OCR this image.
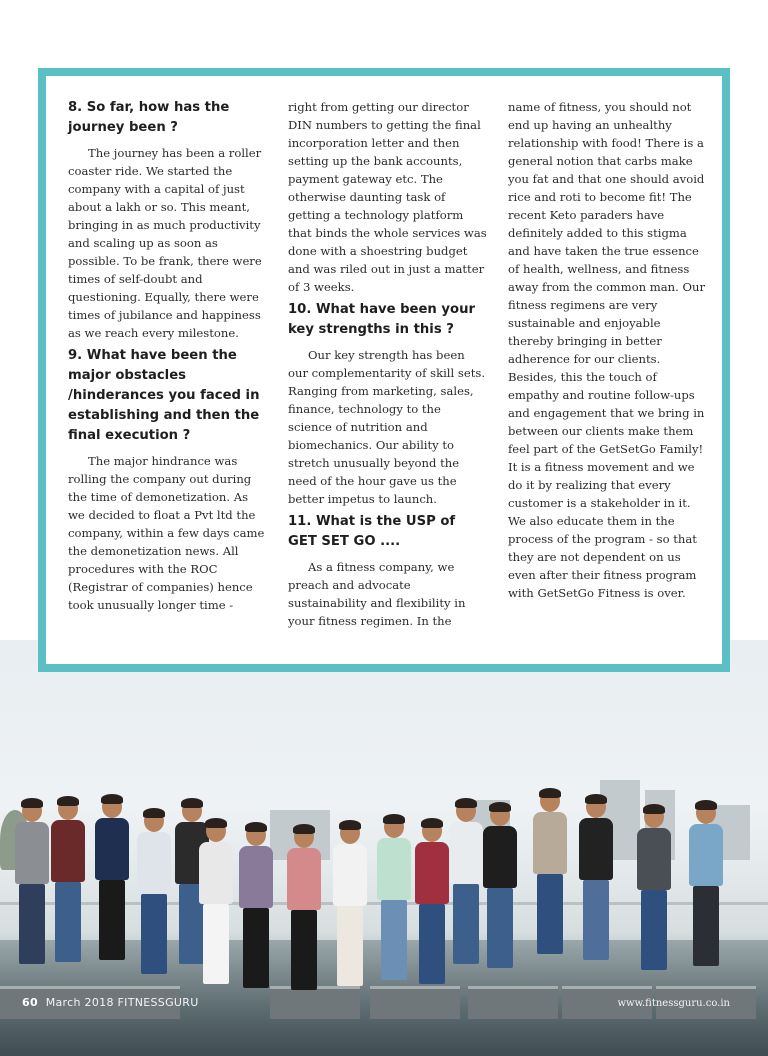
8. So far, how has the journey been ?
The journey has been a roller coaster ride. We started the company with a capital of just about a lakh or so. This meant, bringing in as much productivity and scaling up as soon as possible. To be frank, there were times of self-doubt and questioning. Equally, there were times of jubilance and happiness as we reach every milestone.
9. What have been the major obstacles /hinderances you faced in establishing and then the final execution ?
The major hindrance was rolling the company out during the time of demonetization. As we decided to float a Pvt ltd the company, within a few days came the demonetization news. All procedures with the ROC (Registrar of companies) hence took unusually longer time -
right from getting our director DIN numbers to getting the final incorporation letter and then setting up the bank accounts, payment gateway etc. The otherwise daunting task of getting a technology platform that binds the whole services was done with a shoestring budget and was riled out in just a matter of 3 weeks.
10. What have been your key strengths in this ?
Our key strength has been our complementarity of skill sets. Ranging from marketing, sales, finance, technology to the science of nutrition and biomechanics. Our ability to stretch unusually beyond the need of the hour gave us the better impetus to launch.
11. What is the USP of GET SET GO ....
As a fitness company, we preach and advocate sustainability and flexibility in your fitness regimen. In the
name of fitness, you should not end up having an unhealthy relationship with food! There is a general notion that carbs make you fat and that one should avoid rice and roti to become fit! The recent Keto paraders have definitely added to this stigma and have taken the true essence of health, wellness, and fitness away from the common man. Our fitness regimens are very sustainable and enjoyable thereby bringing in better adherence for our clients. Besides, this the touch of empathy and routine follow-ups and engagement that we bring in between our clients make them feel part of the GetSetGo Family! It is a fitness movement and we do it by realizing that every customer is a stakeholder in it. We also educate them in the process of the program - so that they are not dependent on us even after their fitness program with GetSetGo Fitness is over.
60 March 2018 FITNESSGURU	www.fitnessguru.co.in
